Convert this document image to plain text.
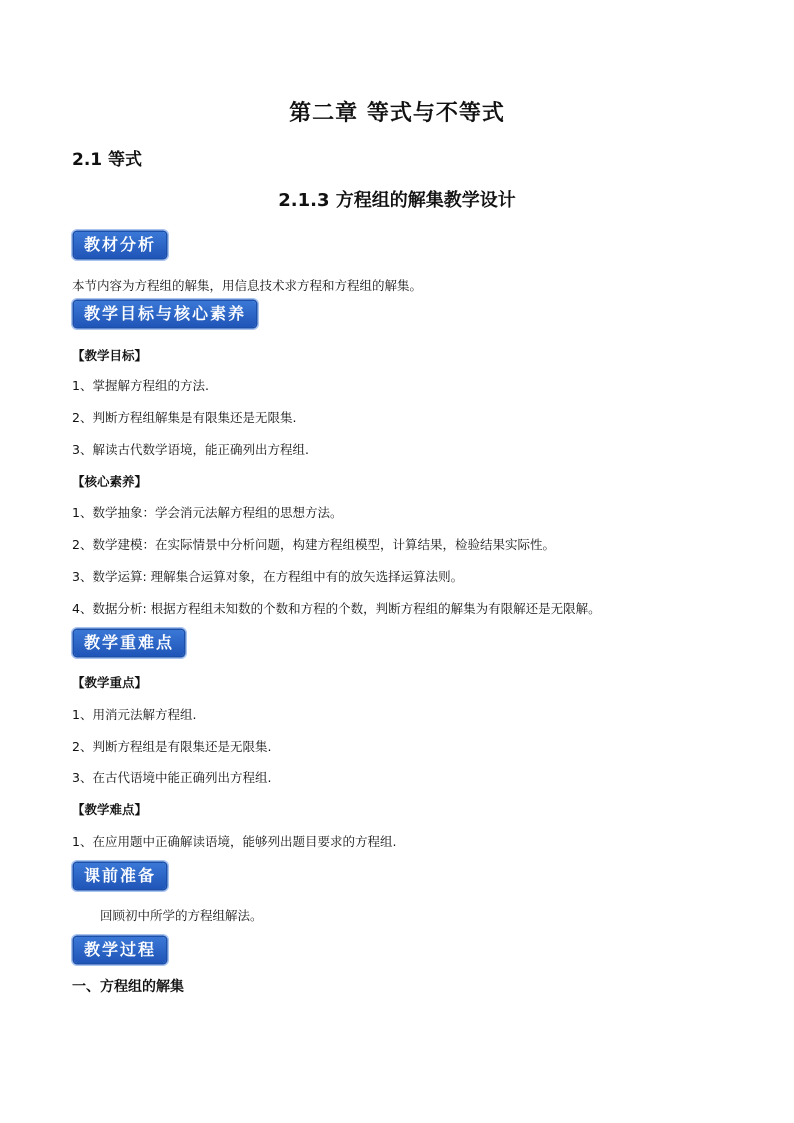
第二章 等式与不等式
2.1 等式
2.1.3 方程组的解集教学设计
教材分析
本节内容为方程组的解集，用信息技术求方程和方程组的解集。
教学目标与核心素养
【教学目标】
1、掌握解方程组的方法.
2、判断方程组解集是有限集还是无限集.
3、解读古代数学语境，能正确列出方程组.
【核心素养】
1、数学抽象：学会消元法解方程组的思想方法。
2、数学建模：在实际情景中分析问题，构建方程组模型，计算结果，检验结果实际性。
3、数学运算: 理解集合运算对象，在方程组中有的放矢选择运算法则。
4、数据分析: 根据方程组未知数的个数和方程的个数，判断方程组的解集为有限解还是无限解。
教学重难点
【教学重点】
1、用消元法解方程组.
2、判断方程组是有限集还是无限集.
3、在古代语境中能正确列出方程组.
【教学难点】
1、在应用题中正确解读语境，能够列出题目要求的方程组.
课前准备
回顾初中所学的方程组解法。
教学过程
一、方程组的解集
